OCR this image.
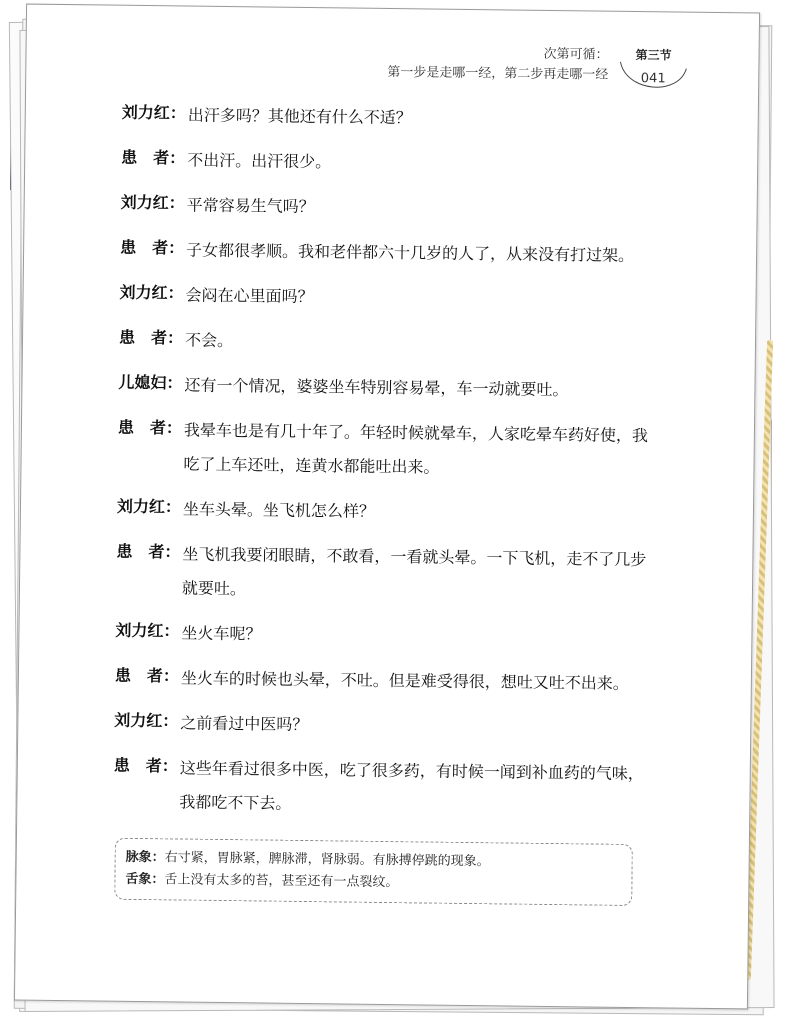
次第可循：
第一步是走哪一经，第二步再走哪一经
第三节
041
刘力红： 出汗多吗？其他还有什么不适？
患　者： 不出汗。出汗很少。
刘力红： 平常容易生气吗？
患　者： 子女都很孝顺。我和老伴都六十几岁的人了，从来没有打过架。
刘力红： 会闷在心里面吗？
患　者： 不会。
儿媳妇： 还有一个情况，婆婆坐车特别容易晕，车一动就要吐。
患　者： 我晕车也是有几十年了。年轻时候就晕车，人家吃晕车药好使，我吃了上车还吐，连黄水都能吐出来。
刘力红： 坐车头晕。坐飞机怎么样？
患　者： 坐飞机我要闭眼睛，不敢看，一看就头晕。一下飞机，走不了几步就要吐。
刘力红： 坐火车呢？
患　者： 坐火车的时候也头晕，不吐。但是难受得很，想吐又吐不出来。
刘力红： 之前看过中医吗？
患　者： 这些年看过很多中医，吃了很多药，有时候一闻到补血药的气味，我都吃不下去。
脉象： 右寸紧，胃脉紧，脾脉滞，肾脉弱。有脉搏停跳的现象。
舌象： 舌上没有太多的苔，甚至还有一点裂纹。
